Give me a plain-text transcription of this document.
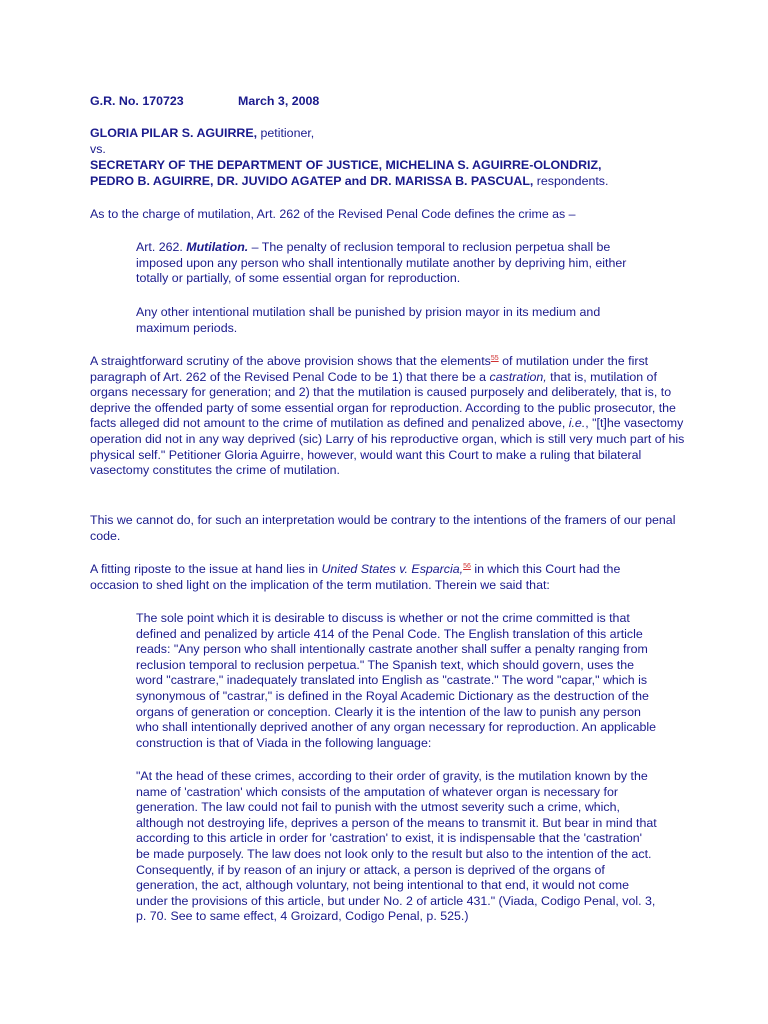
G.R. No. 170723	March 3, 2008

GLORIA PILAR S. AGUIRRE, petitioner,

vs.

SECRETARY OF THE DEPARTMENT OF JUSTICE, MICHELINA S. AGUIRRE-OLONDRIZ,
PEDRO B. AGUIRRE, DR. JUVIDO AGATEP and DR. MARISSA B. PASCUAL, respondents.

As to the charge of mutilation, Art. 262 of the Revised Penal Code defines the crime as –

Art. 262. Mutilation. – The penalty of reclusion temporal to reclusion perpetua shall be imposed upon any person who shall intentionally mutilate another by depriving him, either totally or partially, of some essential organ for reproduction.

Any other intentional mutilation shall be punished by prision mayor in its medium and maximum periods.

A straightforward scrutiny of the above provision shows that the elements$^{55}$ of mutilation under the first paragraph of Art. 262 of the Revised Penal Code to be 1) that there be a castration, that is, mutilation of organs necessary for generation; and 2) that the mutilation is caused purposely and deliberately, that is, to deprive the offended party of some essential organ for reproduction. According to the public prosecutor, the facts alleged did not amount to the crime of mutilation as defined and penalized above, i.e., "[t]he vasectomy operation did not in any way deprived (sic) Larry of his reproductive organ, which is still very much part of his physical self." Petitioner Gloria Aguirre, however, would want this Court to make a ruling that bilateral vasectomy constitutes the crime of mutilation.

This we cannot do, for such an interpretation would be contrary to the intentions of the framers of our penal code.

A fitting riposte to the issue at hand lies in United States v. Esparcia,$^{56}$ in which this Court had the occasion to shed light on the implication of the term mutilation. Therein we said that:

The sole point which it is desirable to discuss is whether or not the crime committed is that defined and penalized by article 414 of the Penal Code. The English translation of this article reads: "Any person who shall intentionally castrate another shall suffer a penalty ranging from reclusion temporal to reclusion perpetua." The Spanish text, which should govern, uses the word "castrare," inadequately translated into English as "castrate." The word "capar," which is synonymous of "castrar," is defined in the Royal Academic Dictionary as the destruction of the organs of generation or conception. Clearly it is the intention of the law to punish any person who shall intentionally deprived another of any organ necessary for reproduction. An applicable construction is that of Viada in the following language:

"At the head of these crimes, according to their order of gravity, is the mutilation known by the name of 'castration' which consists of the amputation of whatever organ is necessary for generation. The law could not fail to punish with the utmost severity such a crime, which, although not destroying life, deprives a person of the means to transmit it. But bear in mind that according to this article in order for 'castration' to exist, it is indispensable that the 'castration' be made purposely. The law does not look only to the result but also to the intention of the act. Consequently, if by reason of an injury or attack, a person is deprived of the organs of generation, the act, although voluntary, not being intentional to that end, it would not come under the provisions of this article, but under No. 2 of article 431." (Viada, Codigo Penal, vol. 3, p. 70. See to same effect, 4 Groizard, Codigo Penal, p. 525.)
